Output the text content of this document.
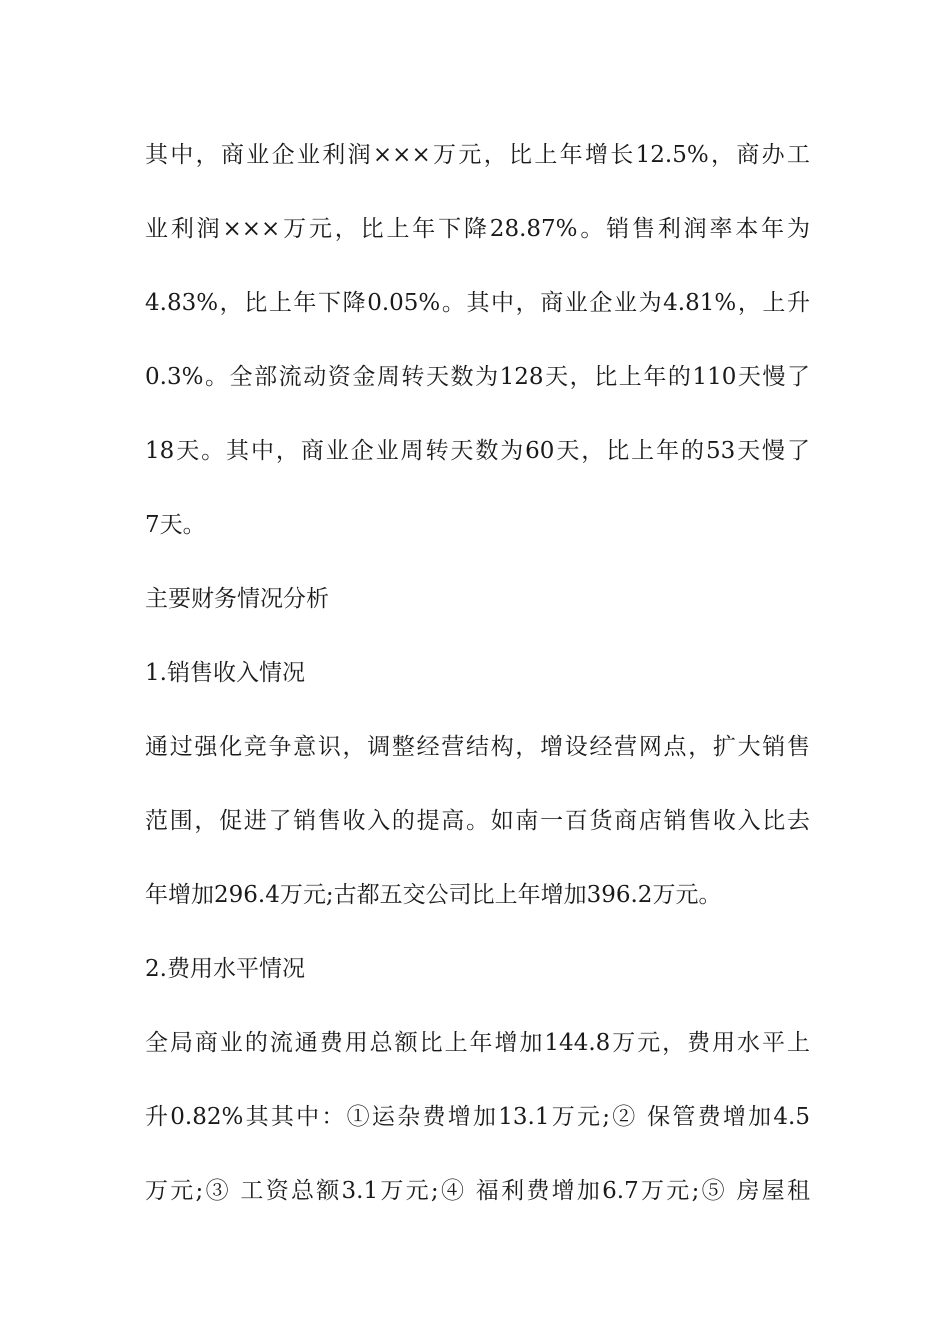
其中，商业企业利润×××万元，比上年增长12.5%，商办工
业利润×××万元，比上年下降28.87%。销售利润率本年为
4.83%，比上年下降0.05%。其中，商业企业为4.81%，上升
0.3%。全部流动资金周转天数为128天，比上年的110天慢了
18天。其中，商业企业周转天数为60天，比上年的53天慢了
7天。
主要财务情况分析
1.销售收入情况
通过强化竞争意识，调整经营结构，增设经营网点，扩大销售
范围，促进了销售收入的提高。如南一百货商店销售收入比去
年增加296.4万元;古都五交公司比上年增加396.2万元。
2.费用水平情况
全局商业的流通费用总额比上年增加144.8万元，费用水平上
升0.82%其其中：①运杂费增加13.1万元;② 保管费增加4.5
万元;③ 工资总额3.1万元;④ 福利费增加6.7万元;⑤ 房屋租
